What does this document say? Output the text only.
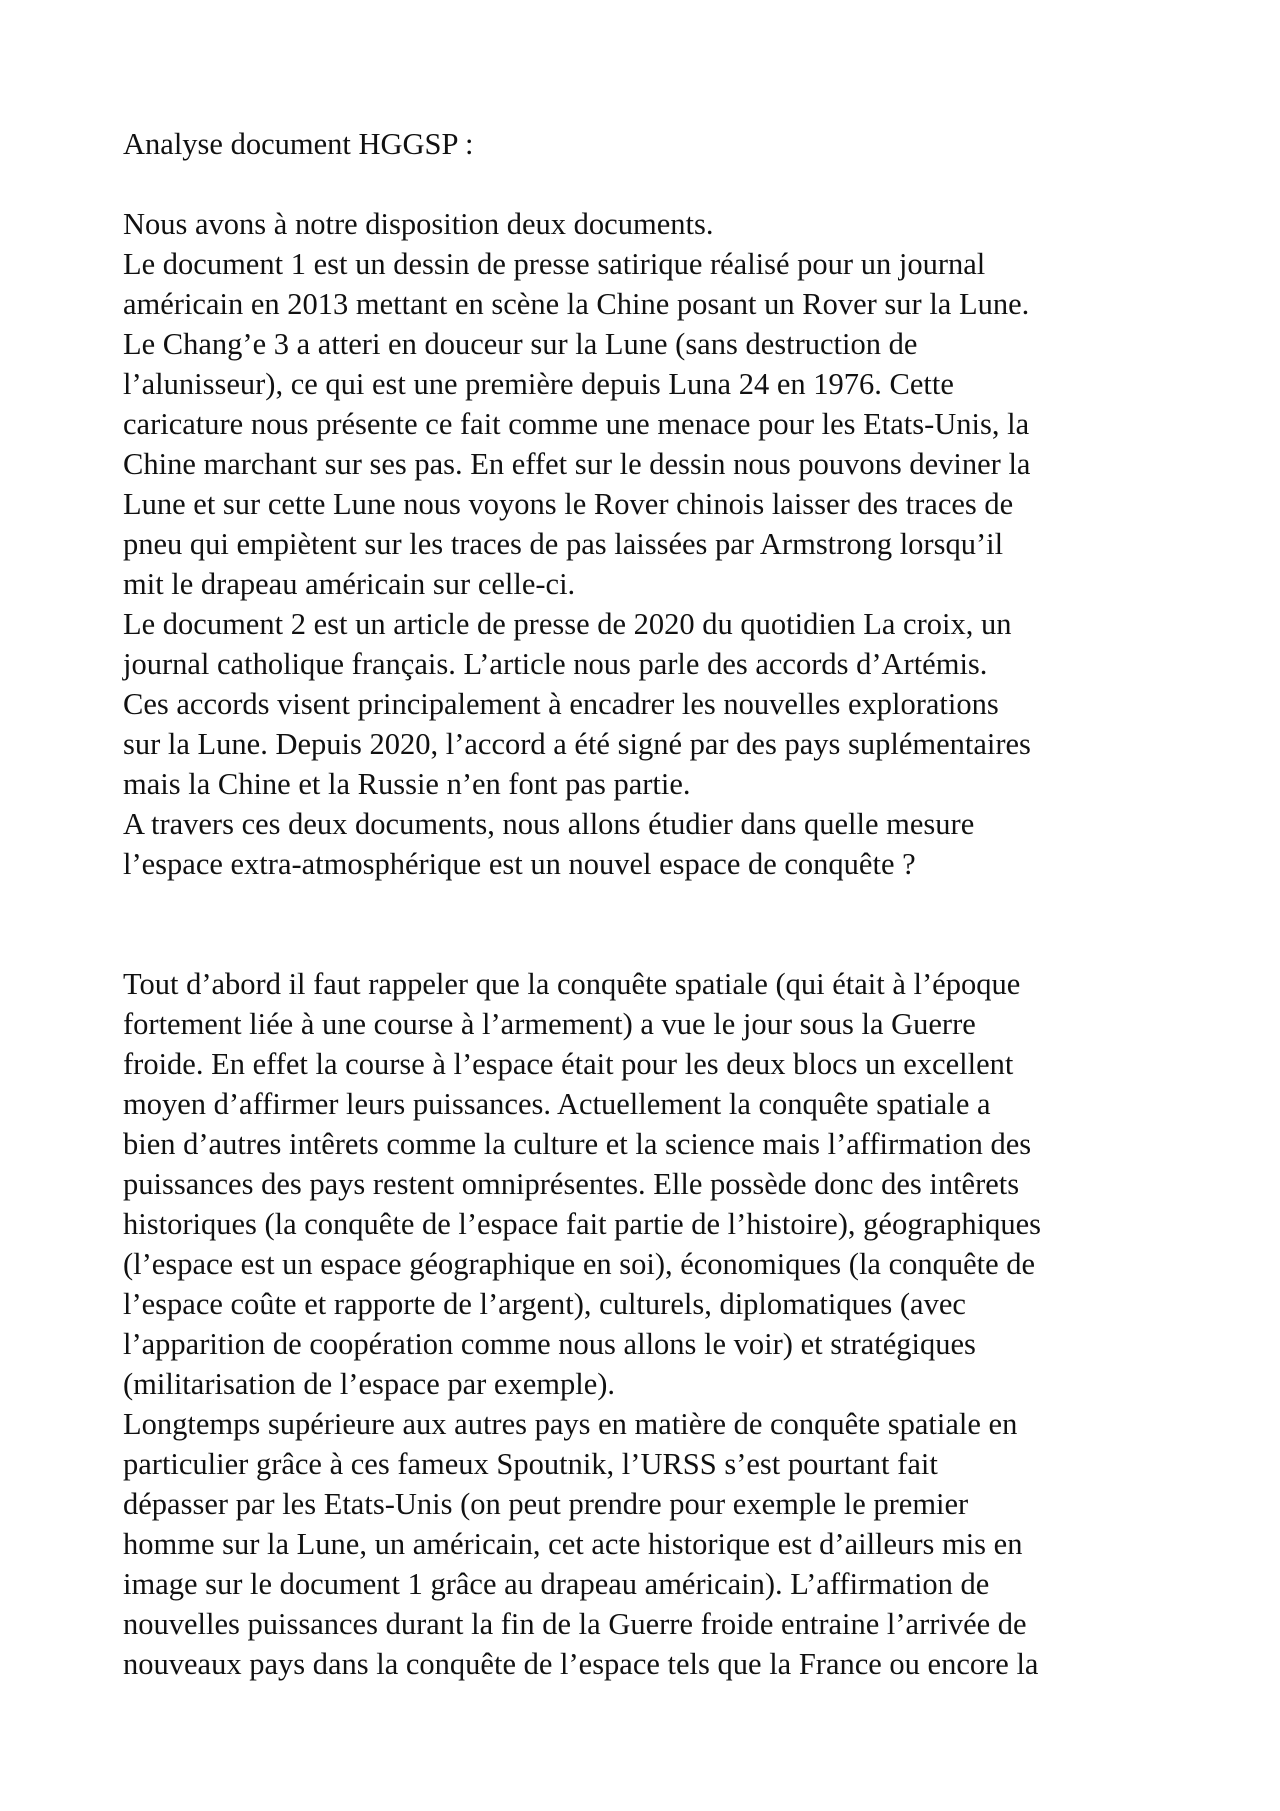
Analyse document HGGSP :
Nous avons à notre disposition deux documents.
Le document 1 est un dessin de presse satirique réalisé pour un journal
américain en 2013 mettant en scène la Chine posant un Rover sur la Lune.
Le Chang’e 3 a atteri en douceur sur la Lune (sans destruction de
l’alunisseur), ce qui est une première depuis Luna 24 en 1976. Cette
caricature nous présente ce fait comme une menace pour les Etats-Unis, la
Chine marchant sur ses pas. En effet sur le dessin nous pouvons deviner la
Lune et sur cette Lune nous voyons le Rover chinois laisser des traces de
pneu qui empiètent sur les traces de pas laissées par Armstrong lorsqu’il
mit le drapeau américain sur celle-ci.
Le document 2 est un article de presse de 2020 du quotidien La croix, un
journal catholique français. L’article nous parle des accords d’Artémis.
Ces accords visent principalement à encadrer les nouvelles explorations
sur la Lune. Depuis 2020, l’accord a été signé par des pays suplémentaires
mais la Chine et la Russie n’en font pas partie.
A travers ces deux documents, nous allons étudier dans quelle mesure
l’espace extra-atmosphérique est un nouvel espace de conquête ?
Tout d’abord il faut rappeler que la conquête spatiale (qui était à l’époque
fortement liée à une course à l’armement) a vue le jour sous la Guerre
froide. En effet la course à l’espace était pour les deux blocs un excellent
moyen d’affirmer leurs puissances. Actuellement la conquête spatiale a
bien d’autres intêrets comme la culture et la science mais l’affirmation des
puissances des pays restent omniprésentes. Elle possède donc des intêrets
historiques (la conquête de l’espace fait partie de l’histoire), géographiques
(l’espace est un espace géographique en soi), économiques (la conquête de
l’espace coûte et rapporte de l’argent), culturels, diplomatiques (avec
l’apparition de coopération comme nous allons le voir) et stratégiques
(militarisation de l’espace par exemple).
Longtemps supérieure aux autres pays en matière de conquête spatiale en
particulier grâce à ces fameux Spoutnik, l’URSS s’est pourtant fait
dépasser par les Etats-Unis (on peut prendre pour exemple le premier
homme sur la Lune, un américain, cet acte historique est d’ailleurs mis en
image sur le document 1 grâce au drapeau américain). L’affirmation de
nouvelles puissances durant la fin de la Guerre froide entraine l’arrivée de
nouveaux pays dans la conquête de l’espace tels que la France ou encore la
